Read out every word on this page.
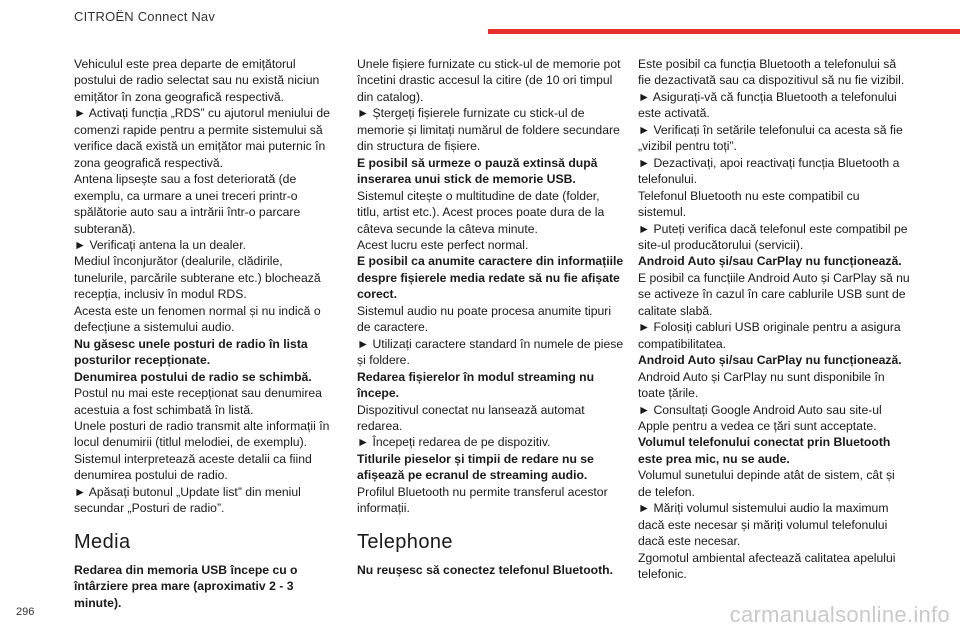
CITROËN Connect Nav

Vehiculul este prea departe de emițătorul postului de radio selectat sau nu există niciun emițător în zona geografică respectivă.

► Activați funcția „RDS” cu ajutorul meniului de comenzi rapide pentru a permite sistemului să verifice dacă există un emițător mai puternic în zona geografică respectivă.

Antena lipsește sau a fost deteriorată (de exemplu, ca urmare a unei treceri printr-o spălătorie auto sau a intrării într-o parcare subterană).

► Verificați antena la un dealer.

Mediul înconjurător (dealurile, clădirile, tunelurile, parcările subterane etc.) blochează recepția, inclusiv în modul RDS.

Acesta este un fenomen normal și nu indică o defecțiune a sistemului audio.

Nu găsesc unele posturi de radio în lista posturilor recepționate.

Denumirea postului de radio se schimbă.

Postul nu mai este recepționat sau denumirea acestuia a fost schimbată în listă.

Unele posturi de radio transmit alte informații în locul denumirii (titlul melodiei, de exemplu).

Sistemul interpretează aceste detalii ca fiind denumirea postului de radio.

► Apăsați butonul „Update list” din meniul secundar „Posturi de radio”.

Media

Redarea din memoria USB începe cu o întârziere prea mare (aproximativ 2 - 3 minute).

Unele fișiere furnizate cu stick-ul de memorie pot încetini drastic accesul la citire (de 10 ori timpul din catalog).

► Ștergeți fișierele furnizate cu stick-ul de memorie și limitați numărul de foldere secundare din structura de fișiere.

E posibil să urmeze o pauză extinsă după inserarea unui stick de memorie USB.

Sistemul citește o multitudine de date (folder, titlu, artist etc.). Acest proces poate dura de la câteva secunde la câteva minute.

Acest lucru este perfect normal.

E posibil ca anumite caractere din informațiile despre fișierele media redate să nu fie afișate corect.

Sistemul audio nu poate procesa anumite tipuri de caractere.

► Utilizați caractere standard în numele de piese și foldere.

Redarea fișierelor în modul streaming nu începe.

Dispozitivul conectat nu lansează automat redarea.

► Începeți redarea de pe dispozitiv.

Titlurile pieselor și timpii de redare nu se afișează pe ecranul de streaming audio.

Profilul Bluetooth nu permite transferul acestor informații.

Telephone

Nu reușesc să conectez telefonul Bluetooth.

Este posibil ca funcția Bluetooth a telefonului să fie dezactivată sau ca dispozitivul să nu fie vizibil.

► Asigurați-vă că funcția Bluetooth a telefonului este activată.

► Verificați în setările telefonului ca acesta să fie „vizibil pentru toți”.

► Dezactivați, apoi reactivați funcția Bluetooth a telefonului.

Telefonul Bluetooth nu este compatibil cu sistemul.

► Puteți verifica dacă telefonul este compatibil pe site-ul producătorului (servicii).

Android Auto și/sau CarPlay nu funcționează.

E posibil ca funcțiile Android Auto și CarPlay să nu se activeze în cazul în care cablurile USB sunt de calitate slabă.

► Folosiți cabluri USB originale pentru a asigura compatibilitatea.

Android Auto și/sau CarPlay nu funcționează.

Android Auto și CarPlay nu sunt disponibile în toate țările.

► Consultați Google Android Auto sau site-ul Apple pentru a vedea ce țări sunt acceptate.

Volumul telefonului conectat prin Bluetooth este prea mic, nu se aude.

Volumul sunetului depinde atât de sistem, cât și de telefon.

► Măriți volumul sistemului audio la maximum dacă este necesar și măriți volumul telefonului dacă este necesar.

Zgomotul ambiental afectează calitatea apelului telefonic.

296	carmanualsonline.info
